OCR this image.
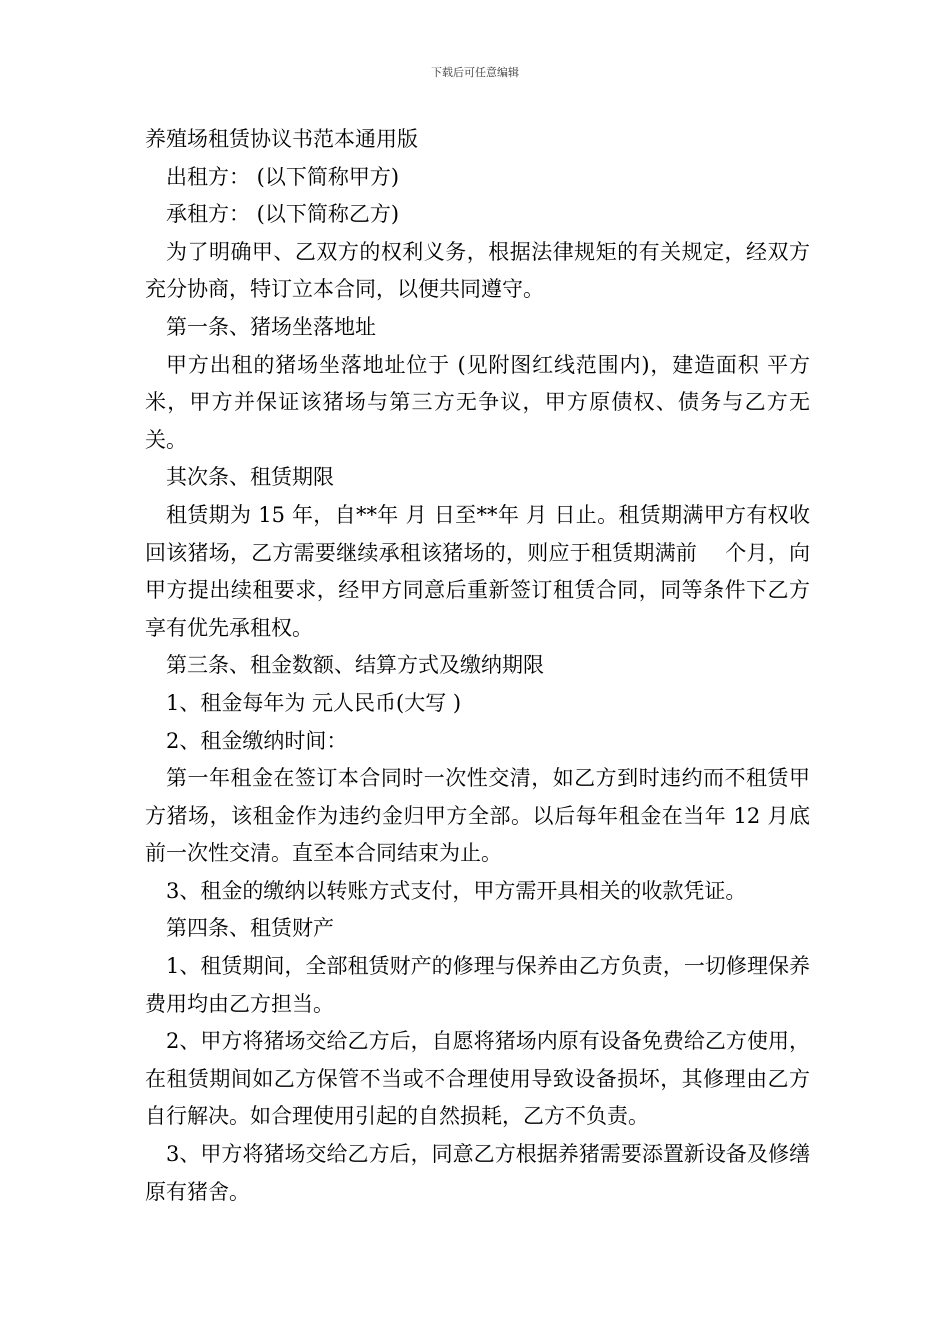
下载后可任意编辑
养殖场租赁协议书范本通用版

出租方： (以下简称甲方)

承租方： (以下简称乙方)

为了明确甲、乙双方的权利义务，根据法律规矩的有关规定，经双方充分协商，特订立本合同，以便共同遵守。

第一条、猪场坐落地址

甲方出租的猪场坐落地址位于 (见附图红线范围内)，建造面积 平方米，甲方并保证该猪场与第三方无争议，甲方原债权、债务与乙方无关。

其次条、租赁期限

租赁期为 15 年，自**年 月 日至**年 月 日止。租赁期满甲方有权收回该猪场，乙方需要继续承租该猪场的，则应于租赁期满前　 个月，向甲方提出续租要求，经甲方同意后重新签订租赁合同，同等条件下乙方享有优先承租权。

第三条、租金数额、结算方式及缴纳期限

1、租金每年为 元人民币(大写 )

2、租金缴纳时间：

第一年租金在签订本合同时一次性交清，如乙方到时违约而不租赁甲方猪场，该租金作为违约金归甲方全部。以后每年租金在当年 12 月底前一次性交清。直至本合同结束为止。

3、租金的缴纳以转账方式支付，甲方需开具相关的收款凭证。

第四条、租赁财产

1、租赁期间，全部租赁财产的修理与保养由乙方负责，一切修理保养费用均由乙方担当。

2、甲方将猪场交给乙方后，自愿将猪场内原有设备免费给乙方使用，在租赁期间如乙方保管不当或不合理使用导致设备损坏，其修理由乙方自行解决。如合理使用引起的自然损耗，乙方不负责。

3、甲方将猪场交给乙方后，同意乙方根据养猪需要添置新设备及修缮原有猪舍。
